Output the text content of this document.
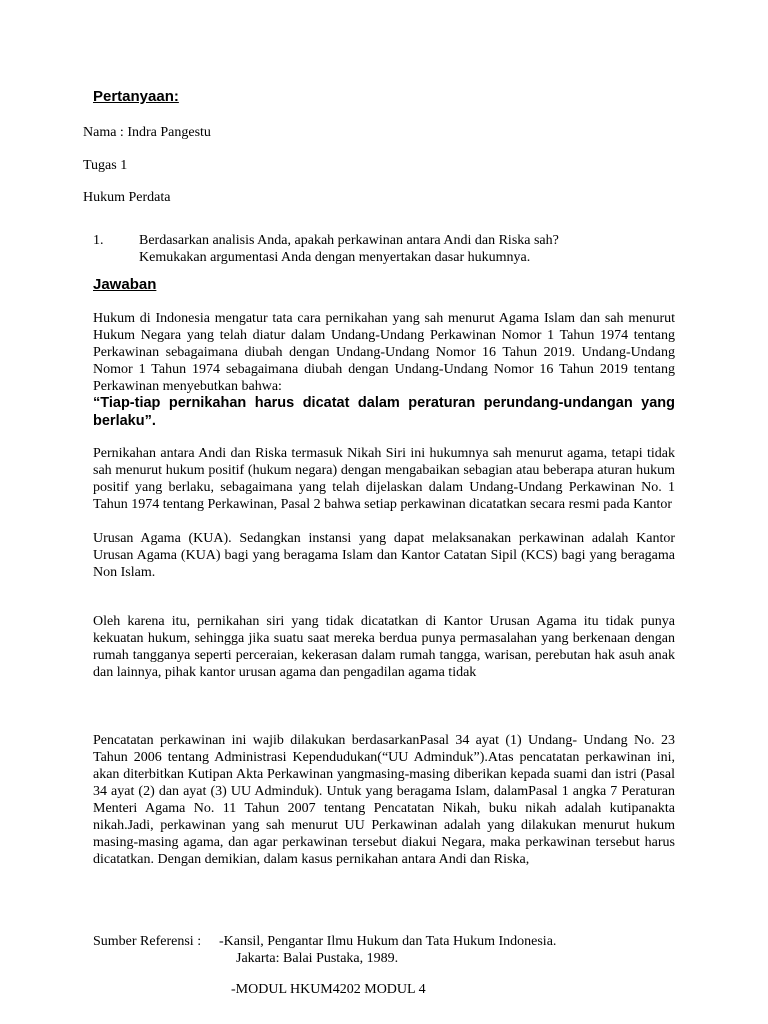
Pertanyaan:
Nama : Indra Pangestu
Tugas 1
Hukum Perdata
1.	Berdasarkan analisis Anda, apakah perkawinan antara Andi dan Riska sah?
Kemukakan argumentasi Anda dengan menyertakan dasar hukumnya.
Jawaban
Hukum di Indonesia mengatur tata cara pernikahan yang sah menurut Agama Islam dan sah menurut Hukum Negara yang telah diatur dalam Undang-Undang Perkawinan Nomor 1 Tahun 1974 tentang Perkawinan sebagaimana diubah dengan Undang-Undang Nomor 16 Tahun 2019. Undang-Undang Nomor 1 Tahun 1974 sebagaimana diubah dengan Undang-Undang Nomor 16 Tahun 2019 tentang Perkawinan menyebutkan bahwa:
“Tiap-tiap pernikahan harus dicatat dalam peraturan perundang-undangan yang berlaku”.
Pernikahan antara Andi dan Riska termasuk Nikah Siri ini hukumnya sah menurut agama, tetapi tidak sah menurut hukum positif (hukum negara) dengan mengabaikan sebagian atau beberapa aturan hukum positif yang berlaku, sebagaimana yang telah dijelaskan dalam Undang-Undang Perkawinan No. 1 Tahun 1974 tentang Perkawinan, Pasal 2 bahwa setiap perkawinan dicatatkan secara resmi pada Kantor
Urusan Agama (KUA). Sedangkan instansi yang dapat melaksanakan perkawinan adalah Kantor Urusan Agama (KUA) bagi yang beragama Islam dan Kantor Catatan Sipil (KCS) bagi yang beragama Non Islam.
Oleh karena itu, pernikahan siri yang tidak dicatatkan di Kantor Urusan Agama itu tidak punya kekuatan hukum, sehingga jika suatu saat mereka berdua punya permasalahan yang berkenaan dengan rumah tangganya seperti perceraian, kekerasan dalam rumah tangga, warisan, perebutan hak asuh anak dan lainnya, pihak kantor urusan agama dan pengadilan agama tidak
Pencatatan perkawinan ini wajib dilakukan berdasarkanPasal 34 ayat (1) Undang- Undang No. 23 Tahun 2006 tentang Administrasi Kependudukan(“UU Adminduk”).Atas pencatatan perkawinan ini, akan diterbitkan Kutipan Akta Perkawinan yangmasing-masing diberikan kepada suami dan istri (Pasal 34 ayat (2) dan ayat (3) UU Adminduk). Untuk yang beragama Islam, dalamPasal 1 angka 7 Peraturan Menteri Agama No. 11 Tahun 2007 tentang Pencatatan Nikah, buku nikah adalah kutipanakta nikah.Jadi, perkawinan yang sah menurut UU Perkawinan adalah yang dilakukan menurut hukum masing-masing agama, dan agar perkawinan tersebut diakui Negara, maka perkawinan tersebut harus dicatatkan. Dengan demikian, dalam kasus pernikahan antara Andi dan Riska,
Sumber Referensi : -Kansil, Pengantar Ilmu Hukum dan Tata Hukum Indonesia.
Jakarta: Balai Pustaka, 1989.
-MODUL HKUM4202 MODUL 4
